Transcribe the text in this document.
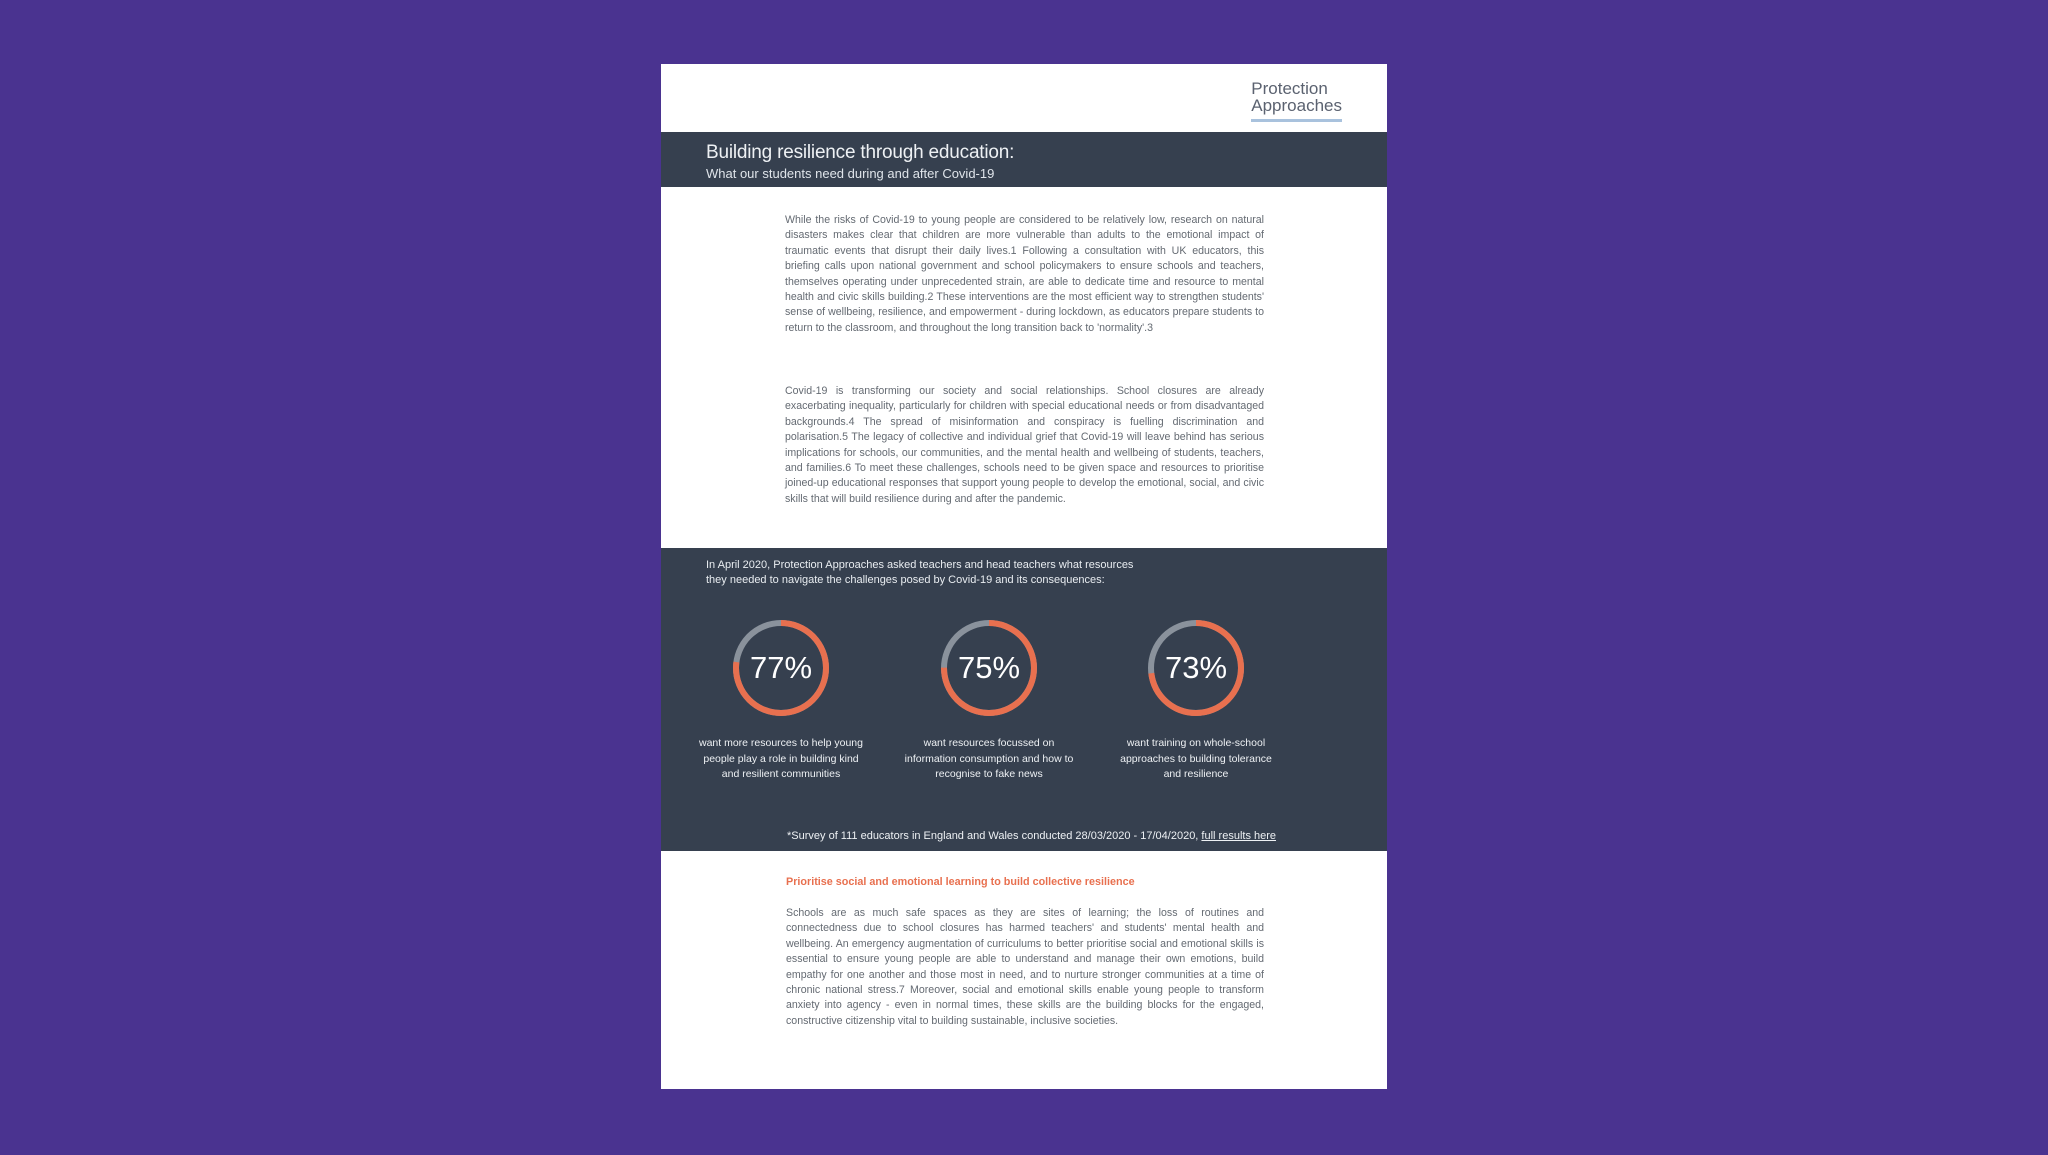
Protection
Approaches
Building resilience through education:
What our students need during and after Covid-19

While the risks of Covid-19 to young people are considered to be relatively low, research on natural disasters makes clear that children are more vulnerable than adults to the emotional impact of traumatic events that disrupt their daily lives.1 Following a consultation with UK educators, this briefing calls upon national government and school policymakers to ensure schools and teachers, themselves operating under unprecedented strain, are able to dedicate time and resource to mental health and civic skills building.2 These interventions are the most efficient way to strengthen students' sense of wellbeing, resilience, and empowerment - during lockdown, as educators prepare students to return to the classroom, and throughout the long transition back to 'normality'.3

Covid-19 is transforming our society and social relationships. School closures are already exacerbating inequality, particularly for children with special educational needs or from disadvantaged backgrounds.4 The spread of misinformation and conspiracy is fuelling discrimination and polarisation.5 The legacy of collective and individual grief that Covid-19 will leave behind has serious implications for schools, our communities, and the mental health and wellbeing of students, teachers, and families.6 To meet these challenges, schools need to be given space and resources to prioritise joined-up educational responses that support young people to develop the emotional, social, and civic skills that will build resilience during and after the pandemic.

In April 2020, Protection Approaches asked teachers and head teachers what resources they needed to navigate the challenges posed by Covid-19 and its consequences:

77%

want more resources to help young people play a role in building kind and resilient communities

75%

want resources focussed on information consumption and how to recognise to fake news

73%

want training on whole-school approaches to building tolerance and resilience

*Survey of 111 educators in England and Wales conducted 28/03/2020 - 17/04/2020, full results here

Prioritise social and emotional learning to build collective resilience

Schools are as much safe spaces as they are sites of learning; the loss of routines and connectedness due to school closures has harmed teachers' and students' mental health and wellbeing. An emergency augmentation of curriculums to better prioritise social and emotional skills is essential to ensure young people are able to understand and manage their own emotions, build empathy for one another and those most in need, and to nurture stronger communities at a time of chronic national stress.7 Moreover, social and emotional skills enable young people to transform anxiety into agency - even in normal times, these skills are the building blocks for the engaged, constructive citizenship vital to building sustainable, inclusive societies.
